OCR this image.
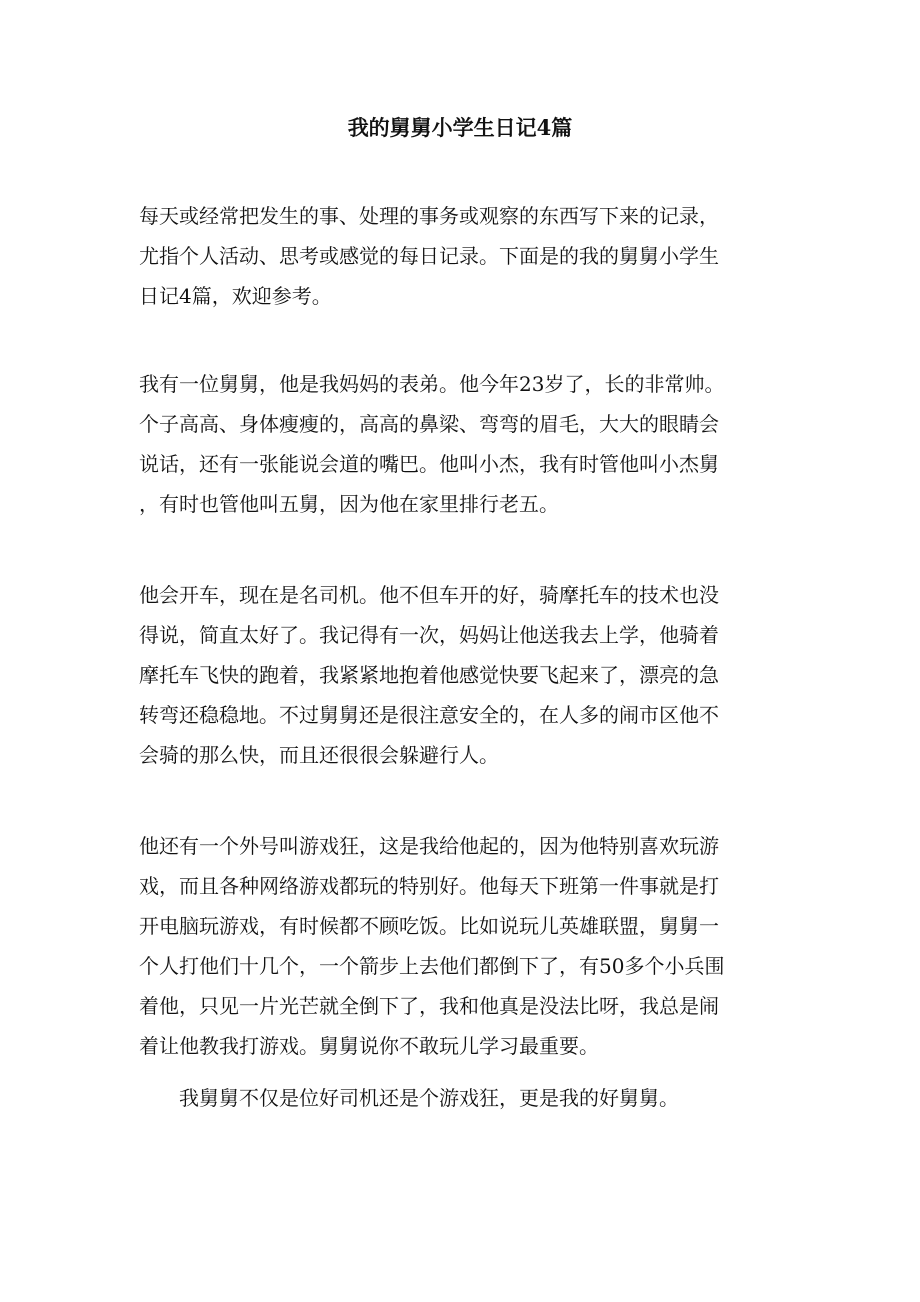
我的舅舅小学生日记4篇
每天或经常把发生的事、处理的事务或观察的东西写下来的记录，
尤指个人活动、思考或感觉的每日记录。下面是的我的舅舅小学生
日记4篇，欢迎参考。
我有一位舅舅，他是我妈妈的表弟。他今年23岁了，长的非常帅。
个子高高、身体瘦瘦的，高高的鼻梁、弯弯的眉毛，大大的眼睛会
说话，还有一张能说会道的嘴巴。他叫小杰，我有时管他叫小杰舅
，有时也管他叫五舅，因为他在家里排行老五。
他会开车，现在是名司机。他不但车开的好，骑摩托车的技术也没
得说，简直太好了。我记得有一次，妈妈让他送我去上学，他骑着
摩托车飞快的跑着，我紧紧地抱着他感觉快要飞起来了，漂亮的急
转弯还稳稳地。不过舅舅还是很注意安全的，在人多的闹市区他不
会骑的那么快，而且还很很会躲避行人。
他还有一个外号叫游戏狂，这是我给他起的，因为他特别喜欢玩游
戏，而且各种网络游戏都玩的特别好。他每天下班第一件事就是打
开电脑玩游戏，有时候都不顾吃饭。比如说玩儿英雄联盟，舅舅一
个人打他们十几个，一个箭步上去他们都倒下了，有50多个小兵围
着他，只见一片光芒就全倒下了，我和他真是没法比呀，我总是闹
着让他教我打游戏。舅舅说你不敢玩儿学习最重要。
我舅舅不仅是位好司机还是个游戏狂，更是我的好舅舅。
